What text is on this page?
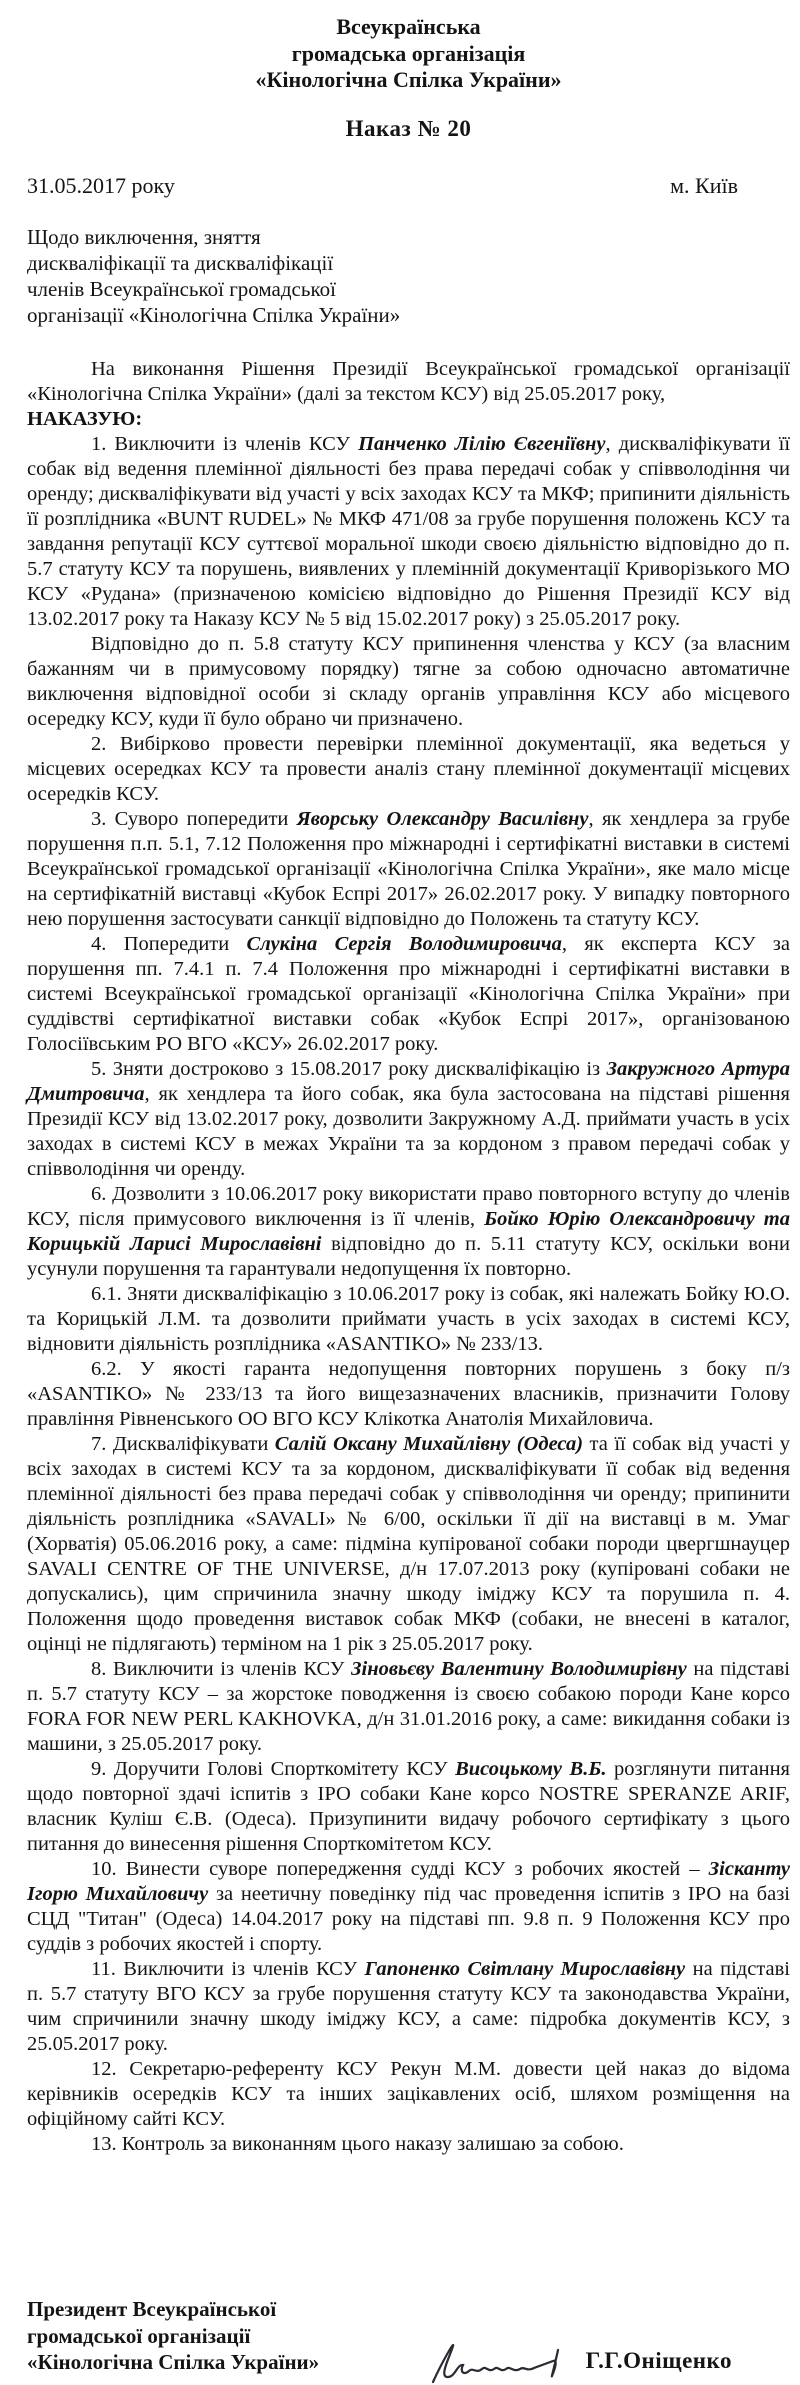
Всеукраїнська
громадська організація
«Кінологічна Спілка України»
Наказ № 20
31.05.2017 року	м. Київ
Щодо виключення, зняття
дискваліфікації та дискваліфікації
членів Всеукраїнської громадської
організації «Кінологічна Спілка України»

На виконання Рішення Президії Всеукраїнської громадської організації «Кінологічна Спілка України» (далі за текстом КСУ) від 25.05.2017 року,

НАКАЗУЮ:

1. Виключити із членів КСУ Панченко Лілію Євгеніївну, дискваліфікувати її собак від ведення племінної діяльності без права передачі собак у співволодіння чи оренду; дискваліфікувати від участі у всіх заходах КСУ та МКФ; припинити діяльність її розплідника «BUNT RUDEL» № МКФ 471/08 за грубе порушення положень КСУ та завдання репутації КСУ суттєвої моральної шкоди своєю діяльністю відповідно до п. 5.7 статуту КСУ та порушень, виявлених у племінній документації Криворізького МО КСУ «Рудана» (призначеною комісією відповідно до Рішення Президії КСУ від 13.02.2017 року та Наказу КСУ № 5 від 15.02.2017 року) з 25.05.2017 року.

Відповідно до п. 5.8 статуту КСУ припинення членства у КСУ (за власним бажанням чи в примусовому порядку) тягне за собою одночасно автоматичне виключення відповідної особи зі складу органів управління КСУ або місцевого осередку КСУ, куди її було обрано чи призначено.

2. Вибірково провести перевірки племінної документації, яка ведеться у місцевих осередках КСУ та провести аналіз стану племінної документації місцевих осередків КСУ.

3. Суворо попередити Яворську Олександру Василівну, як хендлера за грубе порушення п.п. 5.1, 7.12 Положення про міжнародні і сертифікатні виставки в системі Всеукраїнської громадської організації «Кінологічна Спілка України», яке мало місце на сертифікатній виставці «Кубок Еспрі 2017» 26.02.2017 року. У випадку повторного нею порушення застосувати санкції відповідно до Положень та статуту КСУ.

4. Попередити Слукіна Сергія Володимировича, як експерта КСУ за порушення пп. 7.4.1 п. 7.4 Положення про міжнародні і сертифікатні виставки в системі Всеукраїнської громадської організації «Кінологічна Спілка України» при суддівстві сертифікатної виставки собак «Кубок Еспрі 2017», організованою Голосіївським РО ВГО «КСУ» 26.02.2017 року.

5. Зняти достроково з 15.08.2017 року дискваліфікацію із Закружного Артура Дмитровича, як хендлера та його собак, яка була застосована на підставі рішення Президії КСУ від 13.02.2017 року, дозволити Закружному А.Д. приймати участь в усіх заходах в системі КСУ в межах України та за кордоном з правом передачі собак у співволодіння чи оренду.

6. Дозволити з 10.06.2017 року використати право повторного вступу до членів КСУ, після примусового виключення із її членів, Бойко Юрію Олександровичу та Корицькій Ларисі Мирославівні відповідно до п. 5.11 статуту КСУ, оскільки вони усунули порушення та гарантували недопущення їх повторно.

6.1. Зняти дискваліфікацію з 10.06.2017 року із собак, які належать Бойку Ю.О. та Корицькій Л.М. та дозволити приймати участь в усіх заходах в системі КСУ, відновити діяльність розплідника «ASANTIKO» № 233/13.

6.2. У якості гаранта недопущення повторних порушень з боку п/з «ASANTIKO» № 233/13 та його вищезазначених власників, призначити Голову правління Рівненського ОО ВГО КСУ Клікотка Анатолія Михайловича.

7. Дискваліфікувати Салій Оксану Михайлівну (Одеса) та її собак від участі у всіх заходах в системі КСУ та за кордоном, дискваліфікувати її собак від ведення племінної діяльності без права передачі собак у співволодіння чи оренду; припинити діяльність розплідника «SAVALI» № 6/00, оскільки її дії на виставці в м. Умаг (Хорватія) 05.06.2016 року, а саме: підміна купірованої собаки породи цвергшнауцер SAVALI CENTRE OF THE UNIVERSE, д/н 17.07.2013 року (купіровані собаки не допускались), цим спричинила значну шкоду іміджу КСУ та порушила п. 4. Положення щодо проведення виставок собак МКФ (собаки, не внесені в каталог, оцінці не підлягають) терміном на 1 рік з 25.05.2017 року.

8. Виключити із членів КСУ Зіновьєву Валентину Володимирівну на підставі п. 5.7 статуту КСУ – за жорстоке поводження із своєю собакою породи Кане корсо FORA FOR NEW PERL KAKHOVKA, д/н 31.01.2016 року, а саме: викидання собаки із машини, з 25.05.2017 року.

9. Доручити Голові Спорткомітету КСУ Висоцькому В.Б. розглянути питання щодо повторної здачі іспитів з ІРО собаки Кане корсо NOSTRE SPERANZE ARIF, власник Куліш Є.В. (Одеса). Призупинити видачу робочого сертифікату з цього питання до винесення рішення Спорткомітетом КСУ.

10. Винести суворе попередження судді КСУ з робочих якостей – Зісканту Ігорю Михайловичу за неетичну поведінку під час проведення іспитів з ІРО на базі СЦД "Титан" (Одеса) 14.04.2017 року на підставі пп. 9.8 п. 9 Положення КСУ про суддів з робочих якостей і спорту.

11. Виключити із членів КСУ Гапоненко Світлану Мирославівну на підставі п. 5.7 статуту ВГО КСУ за грубе порушення статуту КСУ та законодавства України, чим спричинили значну шкоду іміджу КСУ, а саме: підробка документів КСУ, з 25.05.2017 року.

12. Секретарю-референту КСУ Рекун М.М. довести цей наказ до відома керівників осередків КСУ та інших зацікавлених осіб, шляхом розміщення на офіційному сайті КСУ.

13. Контроль за виконанням цього наказу залишаю за собою.

Президент Всеукраїнської
громадської організації
«Кінологічна Спілка України»	Г.Г.Оніщенко
